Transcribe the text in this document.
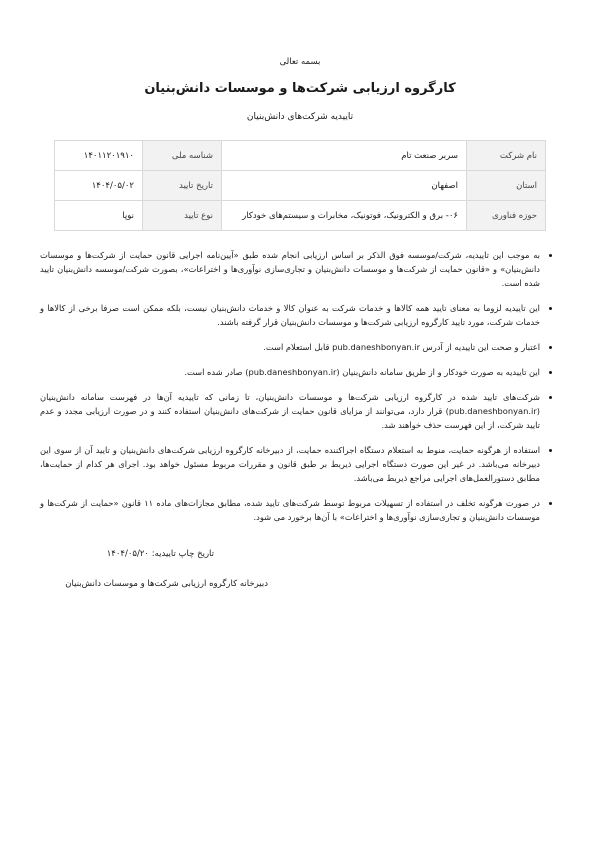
بسمه تعالی
کارگروه ارزیابی شرکت‌ها و موسسات دانش‌بنیان
تاییدیه شرکت‌های دانش‌بنیان
نام شرکت	سربر صنعت تام	شناسه ملی	۱۴۰۱۱۲۰۱۹۱۰
استان	اصفهان	تاریخ تایید	۱۴۰۴/۰۵/۰۲
حوزه فناوری	۰۶- برق و الکترونیک، فوتونیک، مخابرات و سیستم‌های خودکار	نوع تایید	نوپا
• به موجب این تاییدیه، شرکت/موسسه فوق الذکر بر اساس ارزیابی انجام شده طبق «آیین‌نامه اجرایی قانون حمایت از شرکت‌ها و موسسات دانش‌بنیان» و «قانون حمایت از شرکت‌ها و موسسات دانش‌بنیان و تجاری‌سازی نوآوری‌ها و اختراعات»، بصورت شرکت/موسسه دانش‌بنیان تایید شده است.
• این تاییدیه لزوما به معنای تایید همه کالاها و خدمات شرکت به عنوان کالا و خدمات دانش‌بنیان نیست، بلکه ممکن است صرفا برخی از کالاها و خدمات شرکت، مورد تایید کارگروه ارزیابی شرکت‌ها و موسسات دانش‌بنیان قرار گرفته باشند.
• اعتبار و صحت این تاییدیه از آدرس pub.daneshbonyan.ir قابل استعلام است.
• این تاییدیه به صورت خودکار و از طریق سامانه دانش‌بنیان (pub.daneshbonyan.ir) صادر شده است.
• شرکت‌های تایید شده در کارگروه ارزیابی شرکت‌ها و موسسات دانش‌بنیان، تا زمانی که تاییدیه آن‌ها در فهرست سامانه دانش‌بنیان (pub.daneshbonyan.ir) قرار دارد، می‌توانند از مزایای قانون حمایت از شرکت‌های دانش‌بنیان استفاده کنند و در صورت ارزیابی مجدد و عدم تایید شرکت، از این فهرست حذف خواهند شد.
• استفاده از هرگونه حمایت، منوط به استعلام دستگاه اجراکننده حمایت، از دبیرخانه کارگروه ارزیابی شرکت‌های دانش‌بنیان و تایید آن از سوی این دبیرخانه می‌باشد. در غیر این صورت دستگاه اجرایی ذیربط بر طبق قانون و مقررات مربوط مسئول خواهد بود. اجرای هر کدام از حمایت‌ها، مطابق دستورالعمل‌های اجرایی مراجع ذیربط می‌باشد.
• در صورت هرگونه تخلف در استفاده از تسهیلات مربوط توسط شرکت‌های تایید شده، مطابق مجازات‌های ماده ۱۱ قانون «حمایت از شرکت‌ها و موسسات دانش‌بنیان و تجاری‌سازی نوآوری‌ها و اختراعات» با آن‌ها برخورد می شود.
تاریخ چاپ تاییدیه: ۱۴۰۴/۰۵/۲۰
دبیرخانه کارگروه ارزیابی شرکت‌ها و موسسات دانش‌بنیان
